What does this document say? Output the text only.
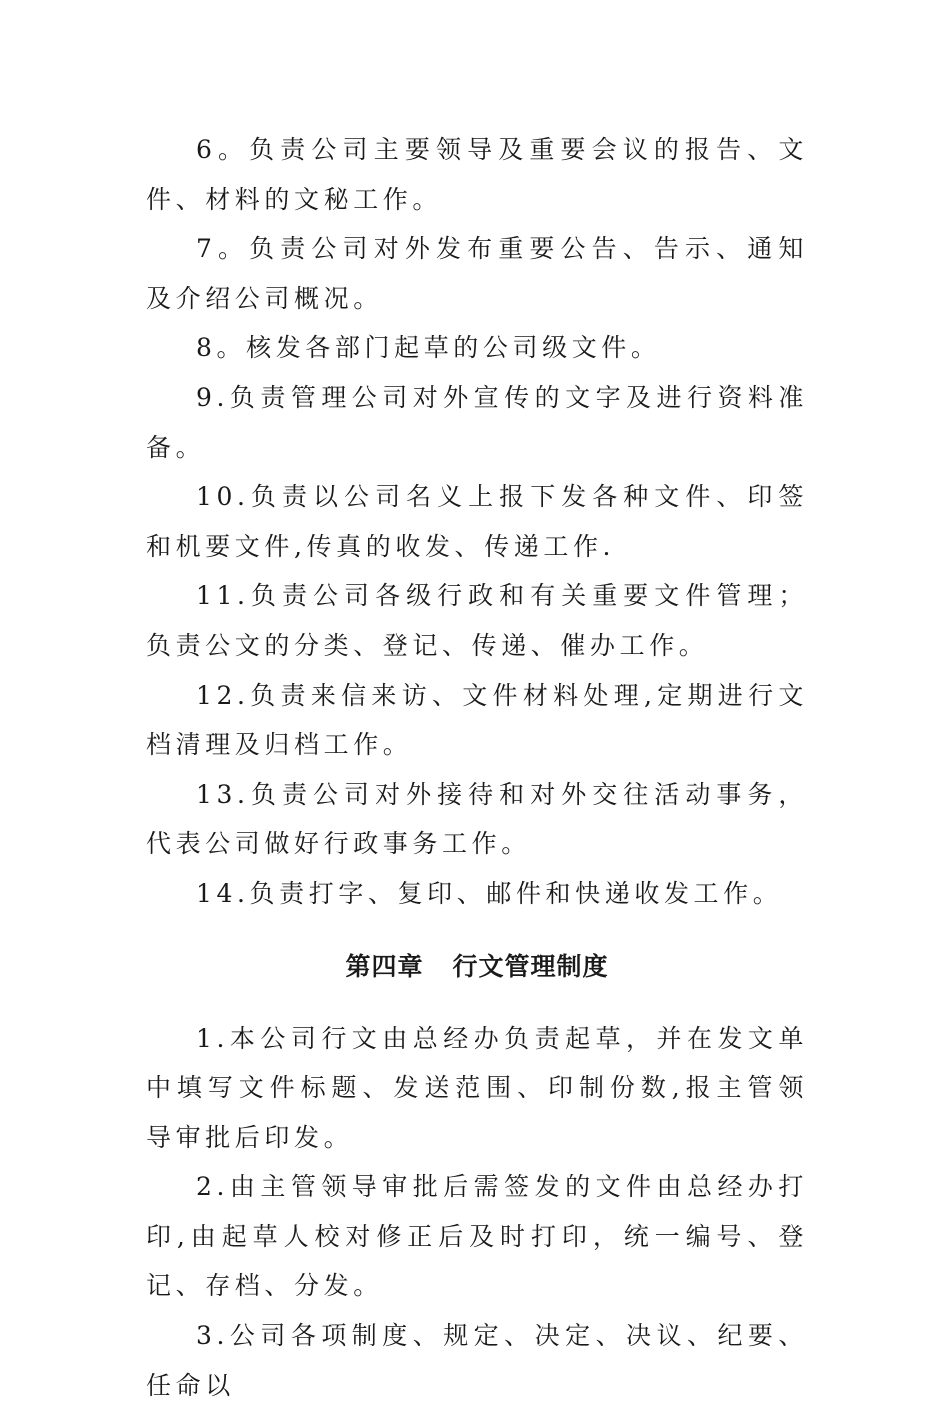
6。负责公司主要领导及重要会议的报告、文件、材料的文秘工作。

7。负责公司对外发布重要公告、告示、通知及介绍公司概况。

8。核发各部门起草的公司级文件。

9.负责管理公司对外宣传的文字及进行资料准备。

10.负责以公司名义上报下发各种文件、印签和机要文件,传真的收发、传递工作.

11.负责公司各级行政和有关重要文件管理；负责公文的分类、登记、传递、催办工作。

12.负责来信来访、文件材料处理,定期进行文档清理及归档工作。

13.负责公司对外接待和对外交往活动事务，代表公司做好行政事务工作。

14.负责打字、复印、邮件和快递收发工作。

第四章   行文管理制度

1.本公司行文由总经办负责起草，并在发文单中填写文件标题、发送范围、印制份数,报主管领导审批后印发。

2.由主管领导审批后需签发的文件由总经办打印,由起草人校对修正后及时打印，统一编号、登记、存档、分发。

3.公司各项制度、规定、决定、决议、纪要、任命以
